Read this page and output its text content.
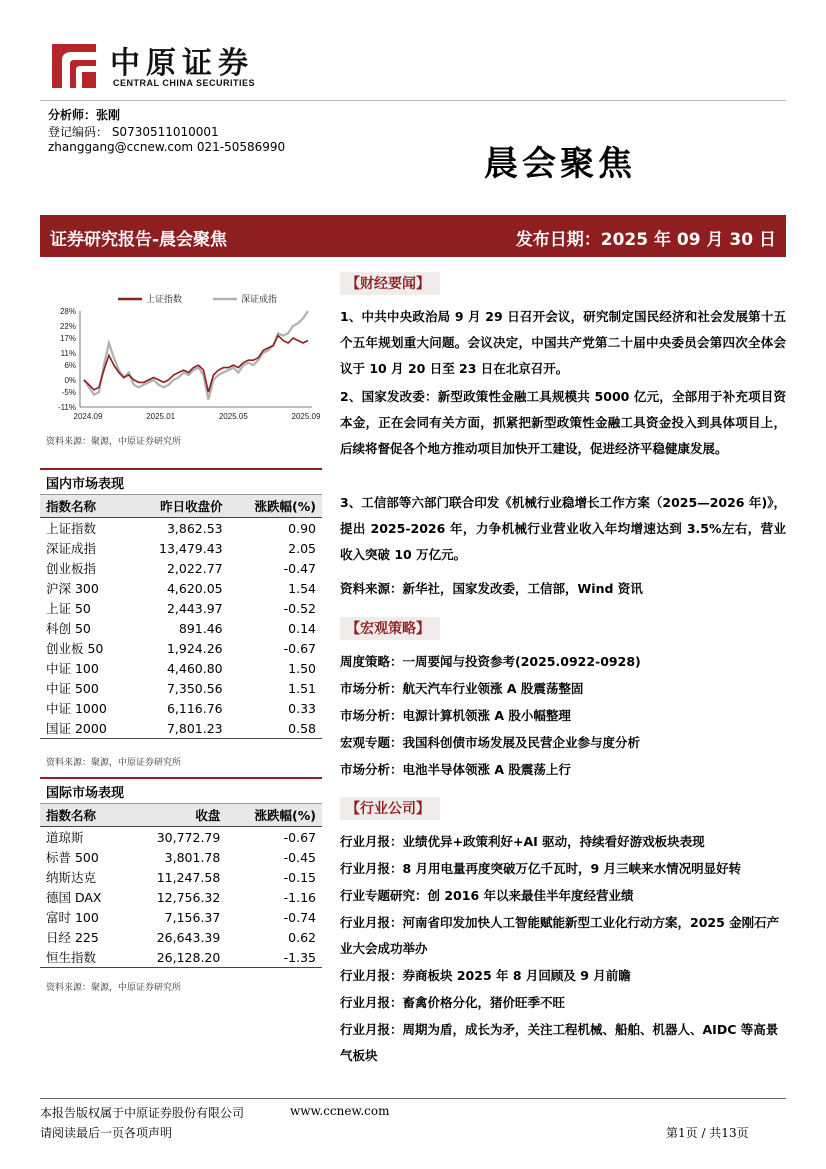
中原证券
CENTRAL CHINA SECURITIES
分析师：张刚
登记编码： S0730511010001
zhanggang@ccnew.com 021-50586990	晨会聚焦
证券研究报告-晨会聚焦	发布日期：2025 年 09 月 30 日
28%
22%
17%
11%
6%
0%
-5%
-11%
2024.09	2025.01	2025.05	2025.09
上证指数	深证成指
资料来源：聚源，中原证券研究所
国内市场表现		
指数名称	昨日收盘价	涨跌幅(%)
上证指数	3,862.53	0.90
深证成指	13,479.43	2.05
创业板指	2,022.77	-0.47
沪深 300	4,620.05	1.54
上证 50	2,443.97	-0.52
科创 50	891.46	0.14
创业板 50	1,924.26	-0.67
中证 100	4,460.80	1.50
中证 500	7,350.56	1.51
中证 1000	6,116.76	0.33
国证 2000	7,801.23	0.58
资料来源：聚源，中原证券研究所
国际市场表现		
指数名称	收盘	涨跌幅(%)
道琼斯	30,772.79	-0.67
标普 500	3,801.78	-0.45
纳斯达克	11,247.58	-0.15
德国 DAX	12,756.32	-1.16
富时 100	7,156.37	-0.74
日经 225	26,643.39	0.62
恒生指数	26,128.20	-1.35
资料来源：聚源，中原证券研究所
【财经要闻】
1、中共中央政治局 9 月 29 日召开会议，研究制定国民经济和社会发展第十五个五年规划重大问题。会议决定，中国共产党第二十届中央委员会第四次全体会议于 10 月 20 日至 23 日在北京召开。
2、国家发改委：新型政策性金融工具规模共 5000 亿元，全部用于补充项目资本金，正在会同有关方面，抓紧把新型政策性金融工具资金投入到具体项目上，后续将督促各个地方推动项目加快开工建设，促进经济平稳健康发展。
3、工信部等六部门联合印发《机械行业稳增长工作方案（2025—2026 年)》，提出 2025-2026 年，力争机械行业营业收入年均增速达到 3.5%左右，营业收入突破 10 万亿元。
资料来源：新华社，国家发改委，工信部，Wind 资讯
【宏观策略】
周度策略：一周要闻与投资参考(2025.0922-0928)
市场分析：航天汽车行业领涨 A 股震荡整固
市场分析：电源计算机领涨 A 股小幅整理
宏观专题：我国科创债市场发展及民营企业参与度分析
市场分析：电池半导体领涨 A 股震荡上行
【行业公司】
行业月报：业绩优异+政策利好+AI 驱动，持续看好游戏板块表现
行业月报：8 月用电量再度突破万亿千瓦时，9 月三峡来水情况明显好转
行业专题研究：创 2016 年以来最佳半年度经营业绩
行业月报：河南省印发加快人工智能赋能新型工业化行动方案，2025 金刚石产业大会成功举办
行业月报：券商板块 2025 年 8 月回顾及 9 月前瞻
行业月报：畜禽价格分化，猪价旺季不旺
行业月报：周期为盾，成长为矛，关注工程机械、船舶、机器人、AIDC 等高景气板块
本报告版权属于中原证券股份有限公司	www.ccnew.com
请阅读最后一页各项声明	第1页 / 共13页
